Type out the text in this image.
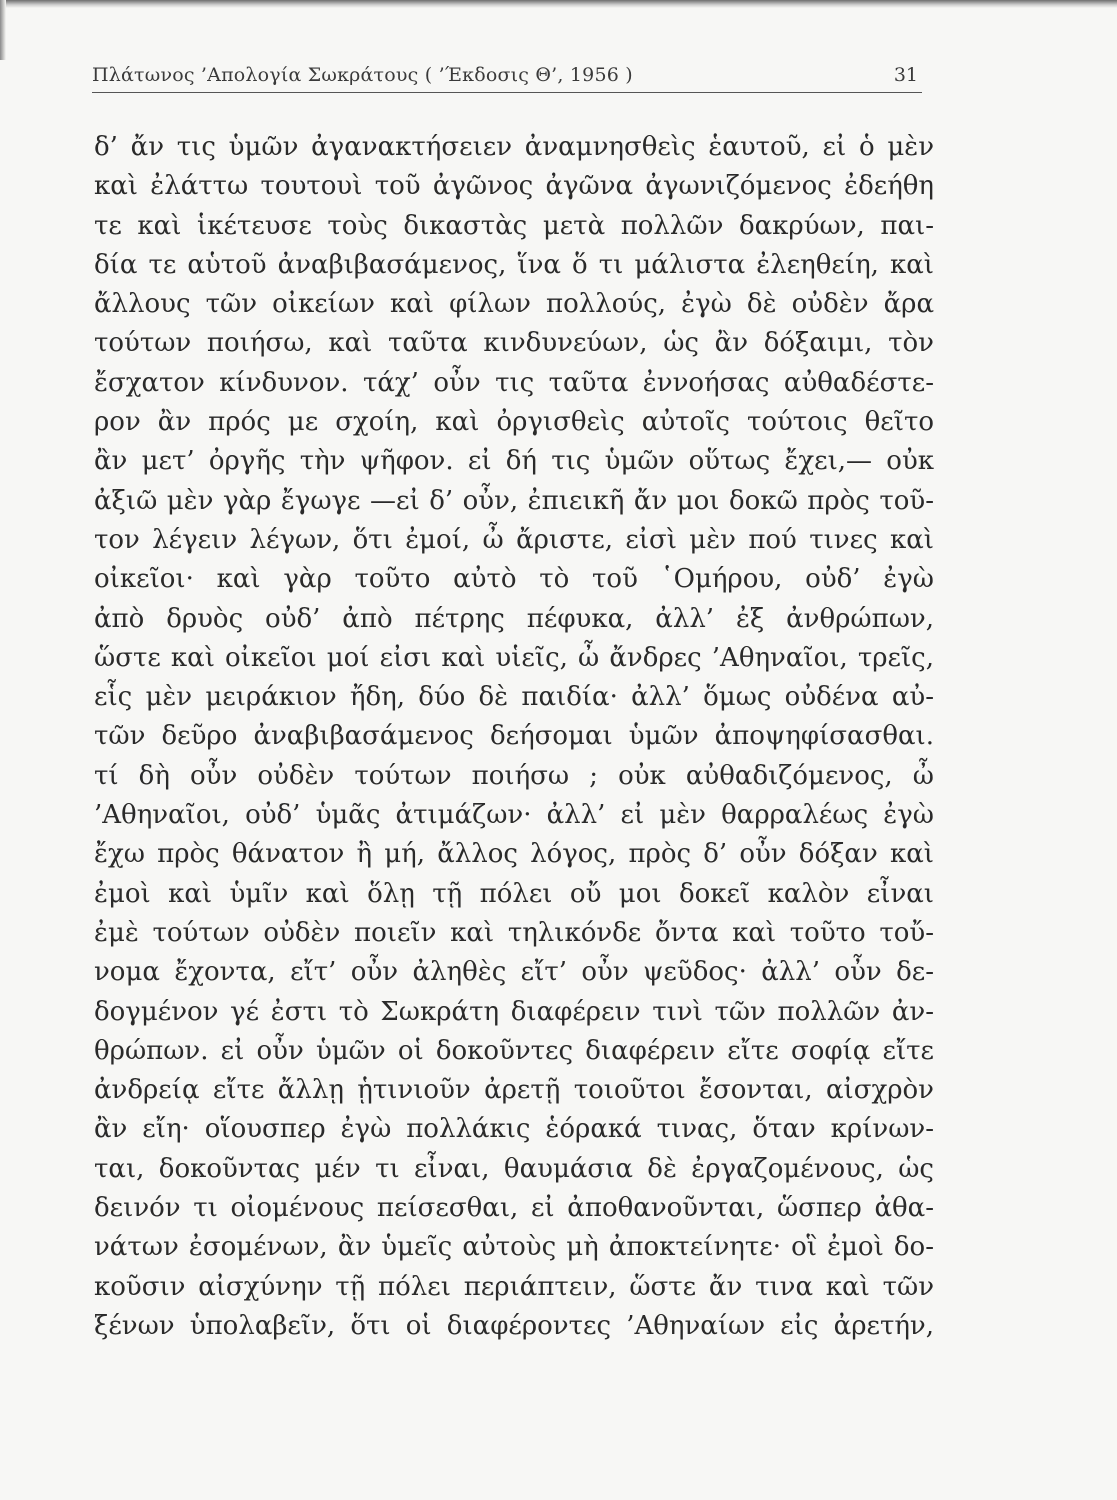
Πλάτωνος ’Απολογία Σωκράτους ( ’Έκδοσις Θ’, 1956 )	31
δ’ ἄν τις ὑμῶν ἀγανακτήσειεν ἀναμνησθεὶς ἑαυτοῦ, εἰ ὁ μὲν
καὶ ἐλάττω τουτουὶ τοῦ ἀγῶνος ἀγῶνα ἀγωνιζόμενος ἐδεήθη
τε καὶ ἱκέτευσε τοὺς δικαστὰς μετὰ πολλῶν δακρύων, παι-
δία τε αὑτοῦ ἀναβιβασάμενος, ἵνα ὅ τι μάλιστα ἐλεηθείη, καὶ
ἄλλους τῶν οἰκείων καὶ φίλων πολλούς, ἐγὼ δὲ οὐδὲν ἄρα
τούτων ποιήσω, καὶ ταῦτα κινδυνεύων, ὡς ἂν δόξαιμι, τὸν
ἔσχατον κίνδυνον. τάχ’ οὖν τις ταῦτα ἐννοήσας αὐθαδέστε-
ρον ἂν πρός με σχοίη, καὶ ὀργισθεὶς αὐτοῖς τούτοις θεῖτο
ἂν μετ’ ὀργῆς τὴν ψῆφον. εἰ δή τις ὑμῶν οὕτως ἔχει,— οὐκ
ἀξιῶ μὲν γὰρ ἔγωγε —εἰ δ’ οὖν, ἐπιεικῆ ἄν μοι δοκῶ πρὸς τοῦ-
τον λέγειν λέγων, ὅτι ἐμοί, ὦ ἄριστε, εἰσὶ μὲν πού τινες καὶ
οἰκεῖοι· καὶ γὰρ τοῦτο αὐτὸ τὸ τοῦ ῾Ομήρου, οὐδ’ ἐγὼ
ἀπὸ δρυὸς οὐδ’ ἀπὸ πέτρης πέφυκα, ἀλλ’ ἐξ ἀνθρώπων,
ὥστε καὶ οἰκεῖοι μοί εἰσι καὶ υἱεῖς, ὦ ἄνδρες ’Αθηναῖοι, τρεῖς,
εἷς μὲν μειράκιον ἤδη, δύο δὲ παιδία· ἀλλ’ ὅμως οὐδένα αὐ-
τῶν δεῦρο ἀναβιβασάμενος δεήσομαι ὑμῶν ἀποψηφίσασθαι.
τί δὴ οὖν οὐδὲν τούτων ποιήσω ; οὐκ αὐθαδιζόμενος, ὦ
’Αθηναῖοι, οὐδ’ ὑμᾶς ἀτιμάζων· ἀλλ’ εἰ μὲν θαρραλέως ἐγὼ
ἔχω πρὸς θάνατον ἢ μή, ἄλλος λόγος, πρὸς δ’ οὖν δόξαν καὶ
ἐμοὶ καὶ ὑμῖν καὶ ὅλῃ τῇ πόλει οὔ μοι δοκεῖ καλὸν εἶναι
ἐμὲ τούτων οὐδὲν ποιεῖν καὶ τηλικόνδε ὄντα καὶ τοῦτο τοὔ-
νομα ἔχοντα, εἴτ’ οὖν ἀληθὲς εἴτ’ οὖν ψεῦδος· ἀλλ’ οὖν δε-
δογμένον γέ ἐστι τὸ Σωκράτη διαφέρειν τινὶ τῶν πολλῶν ἀν-
θρώπων. εἰ οὖν ὑμῶν οἱ δοκοῦντες διαφέρειν εἴτε σοφίᾳ εἴτε
ἀνδρείᾳ εἴτε ἄλλῃ ᾑτινιοῦν ἀρετῇ τοιοῦτοι ἔσονται, αἰσχρὸν
ἂν εἴη· οἵουσπερ ἐγὼ πολλάκις ἑόρακά τινας, ὅταν κρίνων-
ται, δοκοῦντας μέν τι εἶναι, θαυμάσια δὲ ἐργαζομένους, ὡς
δεινόν τι οἰομένους πείσεσθαι, εἰ ἀποθανοῦνται, ὥσπερ ἀθα-
νάτων ἐσομένων, ἂν ὑμεῖς αὐτοὺς μὴ ἀποκτείνητε· οἳ ἐμοὶ δο-
κοῦσιν αἰσχύνην τῇ πόλει περιάπτειν, ὥστε ἄν τινα καὶ τῶν
ξένων ὑπολαβεῖν, ὅτι οἱ διαφέροντες ’Αθηναίων εἰς ἀρετήν,
